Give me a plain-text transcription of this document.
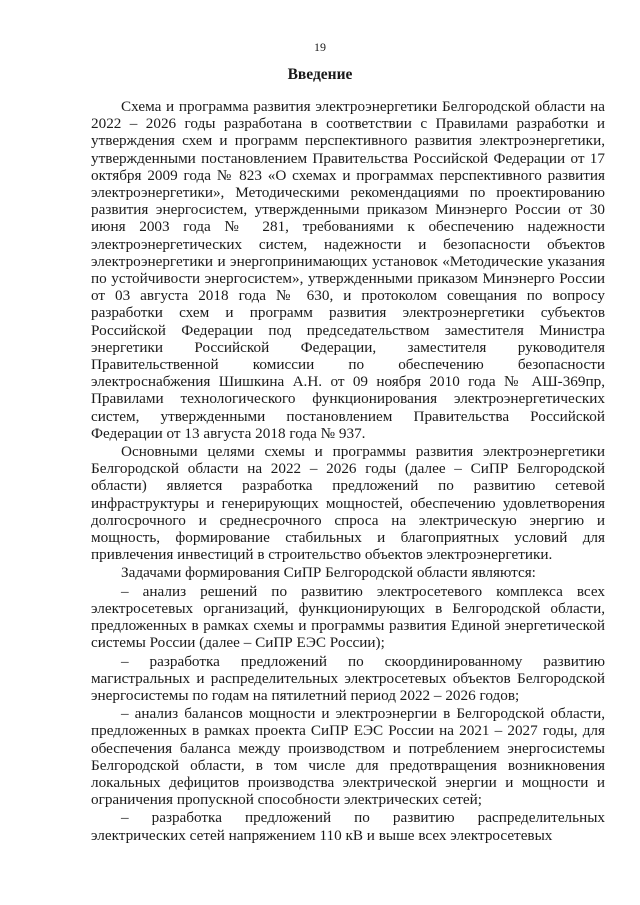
19
Введение

Схема и программа развития электроэнергетики Белгородской области на 2022 – 2026 годы разработана в соответствии с Правилами разработки и утверждения схем и программ перспективного развития электроэнергетики, утвержденными постановлением Правительства Российской Федерации от 17 октября 2009 года № 823 «О схемах и программах перспективного развития электроэнергетики», Методическими рекомендациями по проектированию развития энергосистем, утвержденными приказом Минэнерго России от 30 июня 2003 года № 281, требованиями к обеспечению надежности электроэнергетических систем, надежности и безопасности объектов электроэнергетики и энергопринимающих установок «Методические указания по устойчивости энергосистем», утвержденными приказом Минэнерго России от 03 августа 2018 года № 630, и протоколом совещания по вопросу разработки схем и программ развития электроэнергетики субъектов Российской Федерации под председательством заместителя Министра энергетики Российской Федерации, заместителя руководителя Правительственной комиссии по обеспечению безопасности электроснабжения Шишкина А.Н. от 09 ноября 2010 года № АШ-369пр, Правилами технологического функционирования электроэнергетических систем, утвержденными постановлением Правительства Российской Федерации от 13 августа 2018 года № 937.

Основными целями схемы и программы развития электроэнергетики Белгородской области на 2022 – 2026 годы (далее – СиПР Белгородской области) является разработка предложений по развитию сетевой инфраструктуры и генерирующих мощностей, обеспечению удовлетворения долгосрочного и среднесрочного спроса на электрическую энергию и мощность, формирование стабильных и благоприятных условий для привлечения инвестиций в строительство объектов электроэнергетики.

Задачами формирования СиПР Белгородской области являются:

– анализ решений по развитию электросетевого комплекса всех электросетевых организаций, функционирующих в Белгородской области, предложенных в рамках схемы и программы развития Единой энергетической системы России (далее – СиПР ЕЭС России);

– разработка предложений по скоординированному развитию магистральных и распределительных электросетевых объектов Белгородской энергосистемы по годам на пятилетний период 2022 – 2026 годов;

– анализ балансов мощности и электроэнергии в Белгородской области, предложенных в рамках проекта СиПР ЕЭС России на 2021 – 2027 годы, для обеспечения баланса между производством и потреблением энергосистемы Белгородской области, в том числе для предотвращения возникновения локальных дефицитов производства электрической энергии и мощности и ограничения пропускной способности электрических сетей;

– разработка предложений по развитию распределительных электрических сетей напряжением 110 кВ и выше всех электросетевых
